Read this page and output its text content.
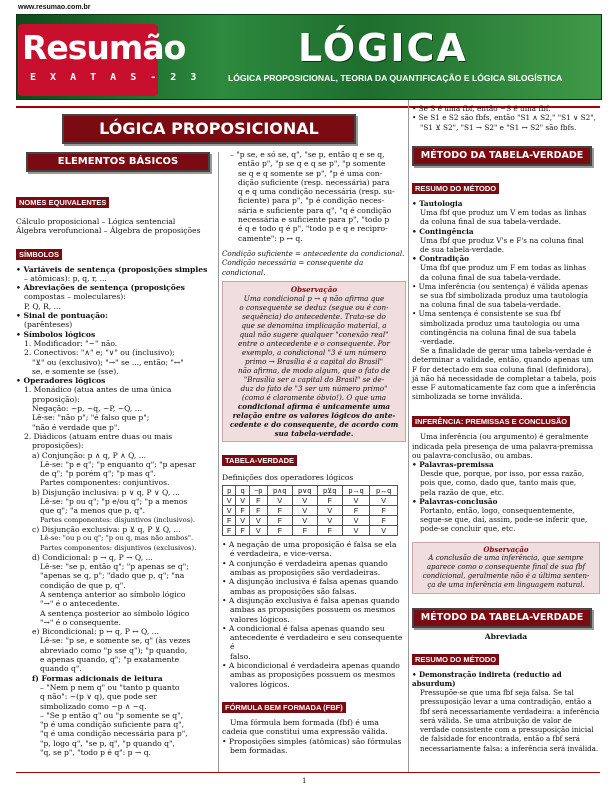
www.resumao.com.br
Resumão
E X A T A S - 2 3
LÓGICA
LÓGICA PROPOSICIONAL, TEORIA DA QUANTIFICAÇÃO E LÓGICA SILOGÍSTICA
LÓGICA PROPOSICIONAL
ELEMENTOS BÁSICOS
NOMES EQUIVALENTES

Cálculo proposicional – Lógica sentencial

Álgebra verofuncional – Álgebra de proposições

SÍMBOLOS

• Variáveis de sentença (proposições simples

– atômicas): p, q, r, ...

• Abreviações de sentença (proposições

compostas – moleculares):

P, Q, R, ...

• Sinal de pontuação:

(parênteses)

• Símbolos lógicos

1. Modificador: "~" não.

2. Conectivos: "∧" e; "∨" ou (inclusivo);

"⊻" ou (exclusivo); "→" se ..., então; "↔"

se, e somente se (sse).

• Operadores lógicos

1. Monádico (atua antes de uma única

proposição):

Negação: ~p, ~q, ~P, ~Q, ...

Lê-se: "não p"; "é falso que p";

"não é verdade que p".

2. Diádicos (atuam entre duas ou mais

proposições):

a) Conjunção: p ∧ q, P ∧ Q, ...

Lê-se: "p e q"; "p enquanto q"; "p apesar

de q"; "p porém q"; "p mas q".

Partes componentes: conjuntivos.

b) Disjunção inclusiva: p ∨ q, P ∨ Q, ...

Lê-se: "p ou q"; "p e/ou q"; "p a menos

que q"; "a menos que p, q".

Partes componentes: disjuntivos (inclusivos).

c) Disjunção exclusiva: p ⊻ q, P ⊻ Q, ...

Lê-se: "ou p ou q"; "p ou q, mas não ambos".

Partes componentes: disjuntivos (exclusivos).

d) Condicional: p → q, P → Q, ...

Lê-se: "se p, então q"; "p apenas se q";

"apenas se q, p"; "dado que p, q"; "na

condição de que p, q".

A sentença anterior ao símbolo lógico

"→" é o antecedente.

A sentença posterior ao símbolo lógico

"→" é o consequente.

e) Bicondicional: p ↔ q, P ↔ Q, ...

Lê-se: "p se, e somente se, q" (às vezes

abreviado como "p sse q"); "p quando,

e apenas quando, q"; "p exatamente

quando q".

f) Formas adicionais de leitura

– "Nem p nem q" ou "tanto p quanto

q não": ~(p ∨ q), que pode ser

simbolizado como ~p ∧ ~q.

– "Se p então q" ou "p somente se q",

"p é uma condição suficiente para q",

"q é uma condição necessária para p",

"p, logo q", "se p, q", "p quando q",

"q, se p", "todo p é q": p → q.

– "p se, e só se, q", "se p, então q e se q,

então p", "p se q e q se p", "p somente

se q e q somente se p", "p é uma con-

dição suficiente (resp. necessária) para

q e q uma condição necessária (resp. su-

ficiente) para p", "p é condição neces-

sária e suficiente para q", "q é condição

necessária e suficiente para p", "todo p

é q e todo q é p", "todo p e q e recipro-

camente": p ↔ q.

Condição suficiente = antecedente da condicional.

Condição necessária = consequente da condicional.

Observação

Uma condicional p → q não afirma que

o consequente se deduz (segue ou é con-

sequência) do antecedente. Trata-se do

que se denomina implicação material, a

qual não sugere qualquer "conexão real"

entre o antecedente e o consequente. Por

exemplo, a condicional "3 é um número

primo → Brasília é a capital do Brasil"

não afirma, de modo algum, que o fato de

"Brasília ser a capital do Brasil" se de-

duz do fato de "3 ser um número primo"

(como é claramente óbvio!). O que uma

condicional afirma é unicamente uma

relação entre os valores lógicos do ante-

cedente e do consequente, de acordo com

sua tabela-verdade.

TABELA-VERDADE
Definições dos operadores lógicos
p	q	~p	p∧q	p∨q	p⊻q	p→q	p↔q
V	V	F	V	V	F	V	V
V	F	F	F	V	V	F	F
F	V	V	F	V	V	V	F
F	F	V	F	F	F	V	V

• A negação de uma proposição é falsa se ela

é verdadeira, e vice-versa.

• A conjunção é verdadeira apenas quando

ambas as proposições são verdadeiras.

• A disjunção inclusiva é falsa apenas quando

ambas as proposições são falsas.

• A disjunção exclusiva é falsa apenas quando

ambas as proposições possuem os mesmos

valores lógicos.

• A condicional é falsa apenas quando seu

antecedente é verdadeiro e seu consequente é

falso.

• A bicondicional é verdadeira apenas quando

ambas as proposições possuem os mesmos

valores lógicos.

FÓRMULA BEM FORMADA (FBF)

Uma fórmula bem formada (fbf) é uma

cadeia que constitui uma expressão válida.

• Proposições simples (atômicas) são fórmulas

bem formadas.

• Se S é uma fbf, então ~S é uma fbf.

• Se S1 e S2 são fbfs, então "S1 ∧ S2," "S1 ∨ S2",

"S1 ⊻ S2", "S1 → S2" e "S1 ↔ S2" são fbfs.

MÉTODO DA TABELA-VERDADE
RESUMO DO MÉTODO

• Tautologia

Uma fbf que produz um V em todas as linhas

da coluna final de sua tabela-verdade.

• Contingência

Uma fbf que produz V's e F's na coluna final

de sua tabela-verdade.

• Contradição

Uma fbf que produz um F em todas as linhas

da coluna final de sua tabela-verdade.

• Uma inferência (ou sentença) é válida apenas

se sua fbf simbolizada produz uma tautologia

na coluna final de sua tabela-verdade.

• Uma sentença é consistente se sua fbf

simbolizada produz uma tautologia ou uma

contingência na coluna final de sua tabela

-verdade.

Se a finalidade de gerar uma tabela-verdade é

determinar a validade, então, quando apenas um

F for detectado em sua coluna final (definidora),

já não há necessidade de completar a tabela, pois

esse F automaticamente faz com que a inferência

simbolizada se torne inválida.

INFERÊNCIA: PREMISSAS E CONCLUSÃO

Uma inferência (ou argumento) é geralmente

indicada pela presença de uma palavra-premissa

ou palavra-conclusão, ou ambas.

• Palavras-premissa

Desde que, porque, por isso, por essa razão,

pois que, como, dado que, tanto mais que,

pela razão de que, etc.

• Palavras-conclusão

Portanto, então, logo, consequentemente,

segue-se que, daí, assim, pode-se inferir que,

pode-se concluir que, etc.

Observação

A conclusão de uma inferência, que sempre

aparece como o consequente final de sua fbf

condicional, geralmente não é a última senten-

ça de uma inferência em linguagem natural.

MÉTODO DA TABELA-VERDADE
Abreviada
RESUMO DO MÉTODO

• Demonstração indireta (reductio ad absurdum)

Pressupõe-se que uma fbf seja falsa. Se tal

pressuposição levar a uma contradição, então a

fbf será necessariamente verdadeira: a inferência

será válida. Se uma atribuição de valor de

verdade consistente com a pressuposição inicial

de falsidade for encontrada, então a fbf será

necessariamente falsa: a inferência será inválida.

1
